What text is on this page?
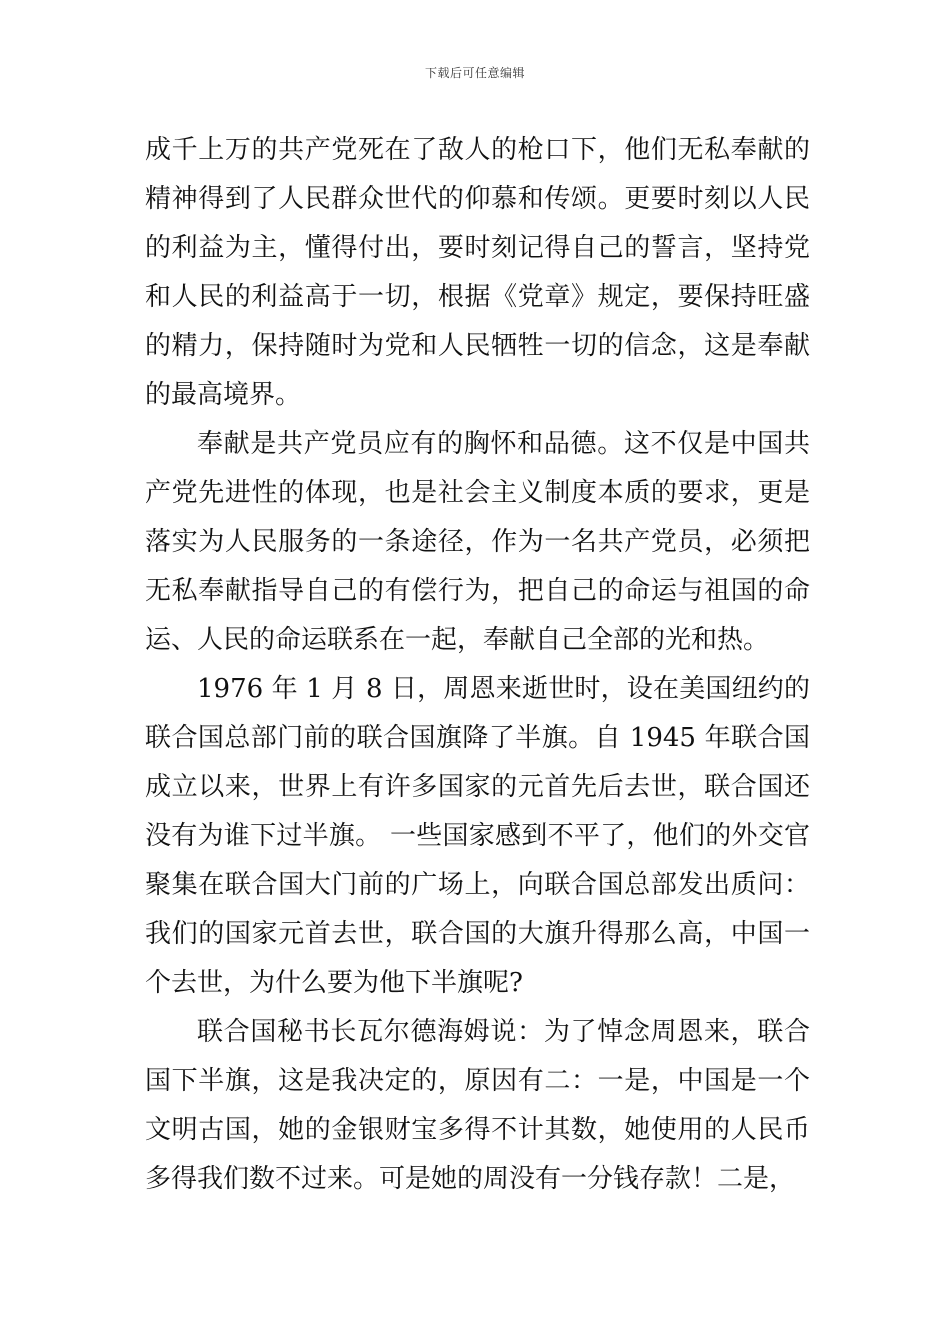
下载后可任意编辑

成千上万的共产党死在了敌人的枪口下，他们无私奉献的精神得到了人民群众世代的仰慕和传颂。更要时刻以人民的利益为主，懂得付出，要时刻记得自己的誓言，坚持党和人民的利益高于一切，根据《党章》规定，要保持旺盛的精力，保持随时为党和人民牺牲一切的信念，这是奉献的最高境界。

奉献是共产党员应有的胸怀和品德。这不仅是中国共产党先进性的体现，也是社会主义制度本质的要求，更是落实为人民服务的一条途径，作为一名共产党员，必须把无私奉献指导自己的有偿行为，把自己的命运与祖国的命运、人民的命运联系在一起，奉献自己全部的光和热。

1976 年 1 月 8 日，周恩来逝世时，设在美国纽约的联合国总部门前的联合国旗降了半旗。自 1945 年联合国成立以来，世界上有许多国家的元首先后去世，联合国还没有为谁下过半旗。 一些国家感到不平了，他们的外交官聚集在联合国大门前的广场上，向联合国总部发出质问：我们的国家元首去世，联合国的大旗升得那么高，中国一个去世，为什么要为他下半旗呢?

联合国秘书长瓦尔德海姆说：为了悼念周恩来，联合国下半旗，这是我决定的，原因有二：一是，中国是一个文明古国，她的金银财宝多得不计其数，她使用的人民币多得我们数不过来。可是她的周没有一分钱存款！二是，
